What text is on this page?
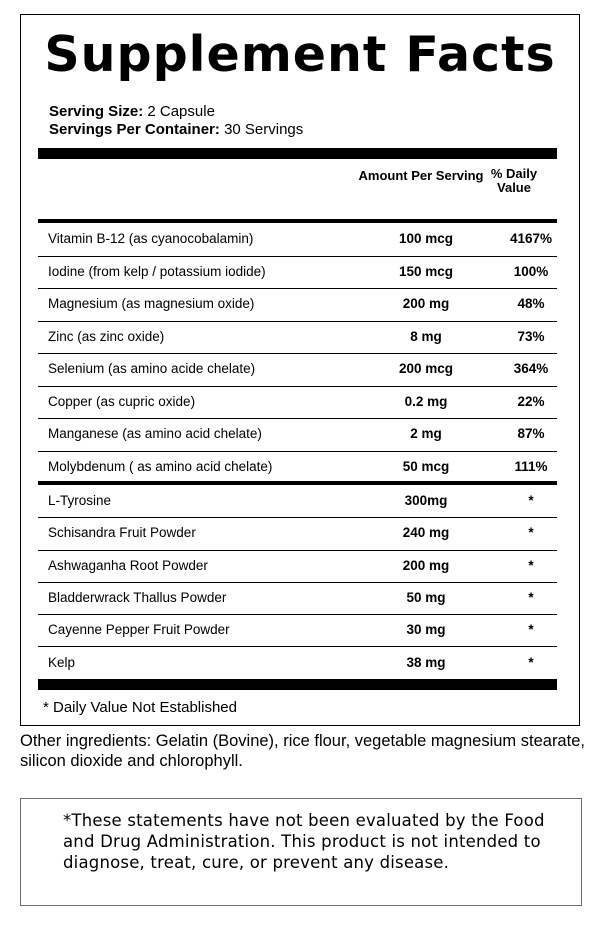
Supplement Facts
Serving Size: 2 Capsule
Servings Per Container: 30 Servings
Amount Per Serving % Daily Value
Vitamin B-12 (as cyanocobalamin)	100 mcg	4167%
Iodine (from kelp / potassium iodide)	150 mcg	100%
Magnesium (as magnesium oxide)	200 mg	48%
Zinc (as zinc oxide)	8 mg	73%
Selenium (as amino acide chelate)	200 mcg	364%
Copper (as cupric oxide)	0.2 mg	22%
Manganese (as amino acid chelate)	2 mg	87%
Molybdenum ( as amino acid chelate)	50 mcg	111%
L-Tyrosine	300mg	*
Schisandra Fruit Powder	240 mg	*
Ashwaganha Root Powder	200 mg	*
Bladderwrack Thallus Powder	50 mg	*
Cayenne Pepper Fruit Powder	30 mg	*
Kelp	38 mg	*
* Daily Value Not Established
Other ingredients: Gelatin (Bovine), rice flour, vegetable magnesium stearate, silicon dioxide and chlorophyll.

*These statements have not been evaluated by the Food and Drug Administration. This product is not intended to diagnose, treat, cure, or prevent any disease.
